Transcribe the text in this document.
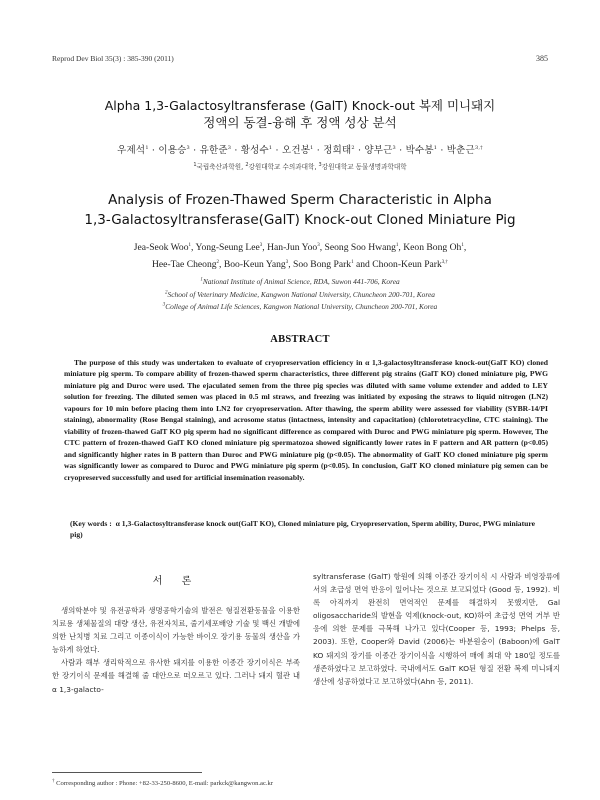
Reprod Dev Biol 35(3) : 385-390 (2011)	385
Alpha 1,3-Galactosyltransferase (GalT) Knock-out 복제 미니돼지
정액의 동결-융해 후 정액 성상 분석
우제석$^1$ · 이용승$^3$ · 유한준$^3$ · 황성수$^1$ · 오건봉$^1$ · 정희태$^2$ · 양부근$^3$ · 박수봉$^1$ · 박춘근$^{3,\dagger}$
$^1$국립축산과학원, $^2$강원대학교 수의과대학, $^3$강원대학교 동물생명과학대학
Analysis of Frozen-Thawed Sperm Characteristic in Alpha
1,3-Galactosyltransferase(GalT) Knock-out Cloned Miniature Pig
Jea-Seok Woo$^1$, Yong-Seung Lee$^3$, Han-Jun Yoo$^3$, Seong Soo Hwang$^1$, Keon Bong Oh$^1$,
Hee-Tae Cheong$^2$, Boo-Keun Yang$^3$, Soo Bong Park$^1$ and Choon-Keun Park$^{3,\dagger}$
$^1$National Institute of Animal Science, RDA, Suwon 441-706, Korea
$^2$School of Veterinary Medicine, Kangwon National University, Chuncheon 200-701, Korea
$^3$College of Animal Life Sciences, Kangwon National University, Chuncheon 200-701, Korea
ABSTRACT

The purpose of this study was undertaken to evaluate of cryopreservation efficiency in α 1,3-galactosyltransferase knock-out(GalT KO) cloned miniature pig sperm. To compare ability of frozen-thawed sperm characteristics, three different pig strains (GalT KO) cloned miniature pig, PWG miniature pig and Duroc were used. The ejaculated semen from the three pig species was diluted with same volume extender and added to LEY solution for freezing. The diluted semen was placed in 0.5 ml straws, and freezing was initiated by exposing the straws to liquid nitrogen (LN2) vapours for 10 min before placing them into LN2 for cryopreservation. After thawing, the sperm ability were assessed for viability (SYBR-14/PI staining), abnormality (Rose Bengal staining), and acrosome status (intactness, intensity and capacitation) (chlorotetracycline, CTC staining). The viability of frozen-thawed GalT KO pig sperm had no significant difference as compared with Duroc and PWG miniature pig sperm. However, The CTC pattern of frozen-thawed GalT KO cloned miniature pig spermatozoa showed significantly lower rates in F pattern and AR pattern (p<0.05) and significantly higher rates in B pattern than Duroc and PWG miniature pig (p<0.05). The abnormality of GalT KO cloned miniature pig sperm was significantly lower as compared to Duroc and PWG miniature pig sperm (p<0.05). In conclusion, GalT KO cloned miniature pig semen can be cryopreserved successfully and used for artificial insemination reasonably.

(Key words : α 1,3-Galactosyltransferase knock out(GalT KO), Cloned miniature pig, Cryopreservation, Sperm ability, Duroc, PWG miniature pig)

서 론

생의학분야 및 유전공학과 생명공학기술의 발전은 형질전환동물을 이용한 치료용 생체물질의 대량 생산, 유전자치료, 줄기세포배양 기술 및 백신 개발에 의한 난치병 치료 그리고 이종이식이 가능한 바이오 장기용 동물의 생산을 가능하게 하였다.

사람과 해부 생리학적으로 유사한 돼지를 이용한 이종간 장기이식은 부족한 장기이식 문제를 해결해 줄 대안으로 떠오르고 있다. 그러나 돼지 혈관 내 α 1,3-galacto-

syltransferase (GalT) 항원에 의해 이종간 장기이식 시 사람과 비영장류에서의 초급성 면역 반응이 일어나는 것으로 보고되었다 (Good 등, 1992). 비록 아직까지 완전히 면역적인 문제를 해결하지 못했지만, Gal oligosaccharide의 발현을 억제(knock-out, KO)하여 초급성 면역 거부 반응에 의한 문제를 극복해 나가고 있다(Cooper 등, 1993; Phelps 등, 2003). 또한, Cooper와 David (2006)는 바분원숭이 (Baboon)에 GalT KO 돼지의 장기를 이종간 장기이식을 시행하여 매에 최대 약 180일 정도를 생존하였다고 보고하였다. 국내에서도 GalT KO된 형질 전환 복제 미니돼지 생산에 성공하였다고 보고하였다(Ahn 등, 2011).

† Corresponding author : Phone: +82-33-250-8600, E-mail: parkck@kangwon.ac.kr
